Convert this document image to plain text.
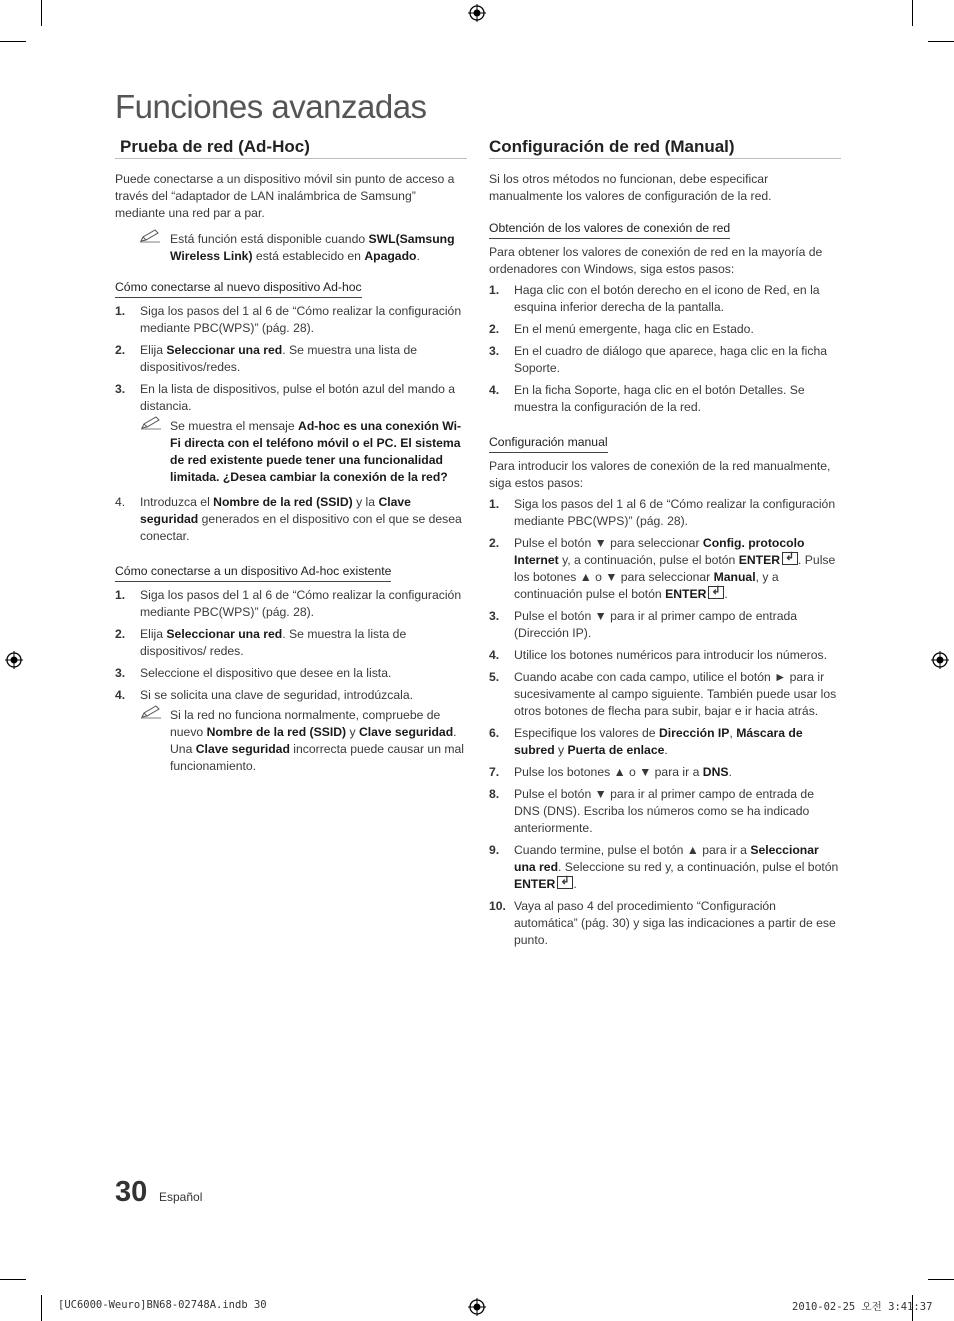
Funciones avanzadas
Prueba de red (Ad-Hoc)

Puede conectarse a un dispositivo móvil sin punto de acceso a través del “adaptador de LAN inalámbrica de Samsung” mediante una red par a par.

Está función está disponible cuando SWL(Samsung Wireless Link) está establecido en Apagado.
Cómo conectarse al nuevo dispositivo Ad-hoc
1. Siga los pasos del 1 al 6 de “Cómo realizar la configuración mediante PBC(WPS)” (pág. 28).
2. Elija Seleccionar una red. Se muestra una lista de dispositivos/redes.
3. En la lista de dispositivos, pulse el botón azul del mando a distancia.
Se muestra el mensaje Ad-hoc es una conexión Wi-Fi directa con el teléfono móvil o el PC. El sistema de red existente puede tener una funcionalidad limitada. ¿Desea cambiar la conexión de la red?
4. Introduzca el Nombre de la red (SSID) y la Clave seguridad generados en el dispositivo con el que se desea conectar.
Cómo conectarse a un dispositivo Ad-hoc existente
1. Siga los pasos del 1 al 6 de “Cómo realizar la configuración mediante PBC(WPS)” (pág. 28).
2. Elija Seleccionar una red. Se muestra la lista de dispositivos/ redes.
3. Seleccione el dispositivo que desee en la lista.
4. Si se solicita una clave de seguridad, introdúzcala.
Si la red no funciona normalmente, compruebe de nuevo Nombre de la red (SSID) y Clave seguridad. Una Clave seguridad incorrecta puede causar un mal funcionamiento.
Configuración de red (Manual)

Si los otros métodos no funcionan, debe especificar manualmente los valores de configuración de la red.

Obtención de los valores de conexión de red

Para obtener los valores de conexión de red en la mayoría de ordenadores con Windows, siga estos pasos:

1. Haga clic con el botón derecho en el icono de Red, en la esquina inferior derecha de la pantalla.
2. En el menú emergente, haga clic en Estado.
3. En el cuadro de diálogo que aparece, haga clic en la ficha Soporte.
4. En la ficha Soporte, haga clic en el botón Detalles. Se muestra la configuración de la red.
Configuración manual

Para introducir los valores de conexión de la red manualmente, siga estos pasos:

1. Siga los pasos del 1 al 6 de “Cómo realizar la configuración mediante PBC(WPS)” (pág. 28).
2. Pulse el botón ▼ para seleccionar Config. protocolo Internet y, a continuación, pulse el botón ENTER ↲ . Pulse los botones ▲ o ▼ para seleccionar Manual, y a continuación pulse el botón ENTER ↲ .
3. Pulse el botón ▼ para ir al primer campo de entrada (Dirección IP).
4. Utilice los botones numéricos para introducir los números.
5. Cuando acabe con cada campo, utilice el botón ► para ir sucesivamente al campo siguiente. También puede usar los otros botones de flecha para subir, bajar e ir hacia atrás.
6. Especifique los valores de Dirección IP, Máscara de subred y Puerta de enlace.
7. Pulse los botones ▲ o ▼ para ir a DNS.
8. Pulse el botón ▼ para ir al primer campo de entrada de DNS (DNS). Escriba los números como se ha indicado anteriormente.
9. Cuando termine, pulse el botón ▲ para ir a Seleccionar una red. Seleccione su red y, a continuación, pulse el botón ENTER ↲ .
10. Vaya al paso 4 del procedimiento “Configuración automática” (pág. 30) y siga las indicaciones a partir de ese punto.
30 Español
[UC6000-Weuro]BN68-02748A.indb 30	2010-02-25 오전 3:41:37
